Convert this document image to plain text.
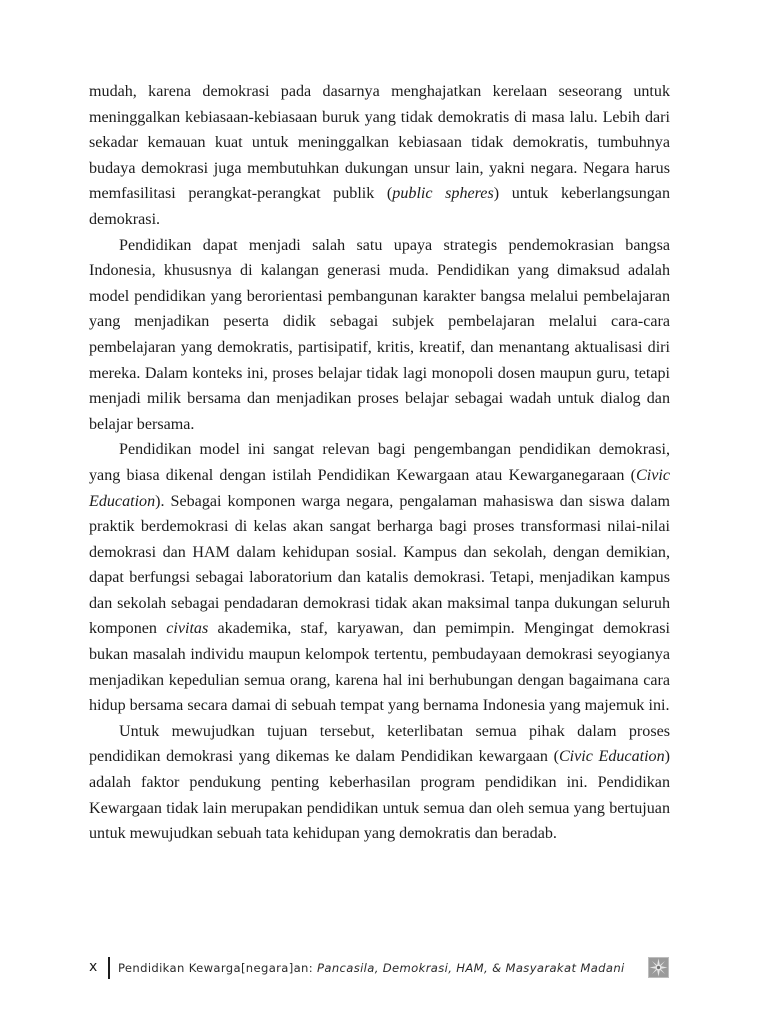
mudah, karena demokrasi pada dasarnya menghajatkan kerelaan seseorang untuk meninggalkan kebiasaan-kebiasaan buruk yang tidak demokratis di masa lalu. Lebih dari sekadar kemauan kuat untuk meninggalkan kebiasaan tidak demokratis, tumbuhnya budaya demokrasi juga membutuhkan dukungan unsur lain, yakni negara. Negara harus memfasilitasi perangkat-perangkat publik (public spheres) untuk keberlangsungan demokrasi.

Pendidikan dapat menjadi salah satu upaya strategis pendemokrasian bangsa Indonesia, khususnya di kalangan generasi muda. Pendidikan yang dimaksud adalah model pendidikan yang berorientasi pembangunan karakter bangsa melalui pembelajaran yang menjadikan peserta didik sebagai subjek pembelajaran melalui cara-cara pembelajaran yang demokratis, partisipatif, kritis, kreatif, dan menantang aktualisasi diri mereka. Dalam konteks ini, proses belajar tidak lagi monopoli dosen maupun guru, tetapi menjadi milik bersama dan menjadikan proses belajar sebagai wadah untuk dialog dan belajar bersama.

Pendidikan model ini sangat relevan bagi pengembangan pendidikan demokrasi, yang biasa dikenal dengan istilah Pendidikan Kewargaan atau Kewarganegaraan (Civic Education). Sebagai komponen warga negara, pengalaman mahasiswa dan siswa dalam praktik berdemokrasi di kelas akan sangat berharga bagi proses transformasi nilai-nilai demokrasi dan HAM dalam kehidupan sosial. Kampus dan sekolah, dengan demikian, dapat berfungsi sebagai laboratorium dan katalis demokrasi. Tetapi, menjadikan kampus dan sekolah sebagai pendadaran demokrasi tidak akan maksimal tanpa dukungan seluruh komponen civitas akademika, staf, karyawan, dan pemimpin. Mengingat demokrasi bukan masalah individu maupun kelompok tertentu, pembudayaan demokrasi seyogianya menjadikan kepedulian semua orang, karena hal ini berhubungan dengan bagaimana cara hidup bersama secara damai di sebuah tempat yang bernama Indonesia yang majemuk ini.

Untuk mewujudkan tujuan tersebut, keterlibatan semua pihak dalam proses pendidikan demokrasi yang dikemas ke dalam Pendidikan kewargaan (Civic Education) adalah faktor pendukung penting keberhasilan program pendidikan ini. Pendidikan Kewargaan tidak lain merupakan pendidikan untuk semua dan oleh semua yang bertujuan untuk mewujudkan sebuah tata kehidupan yang demokratis dan beradab.

x Pendidikan Kewarga[negara]an: Pancasila, Demokrasi, HAM, & Masyarakat Madani
